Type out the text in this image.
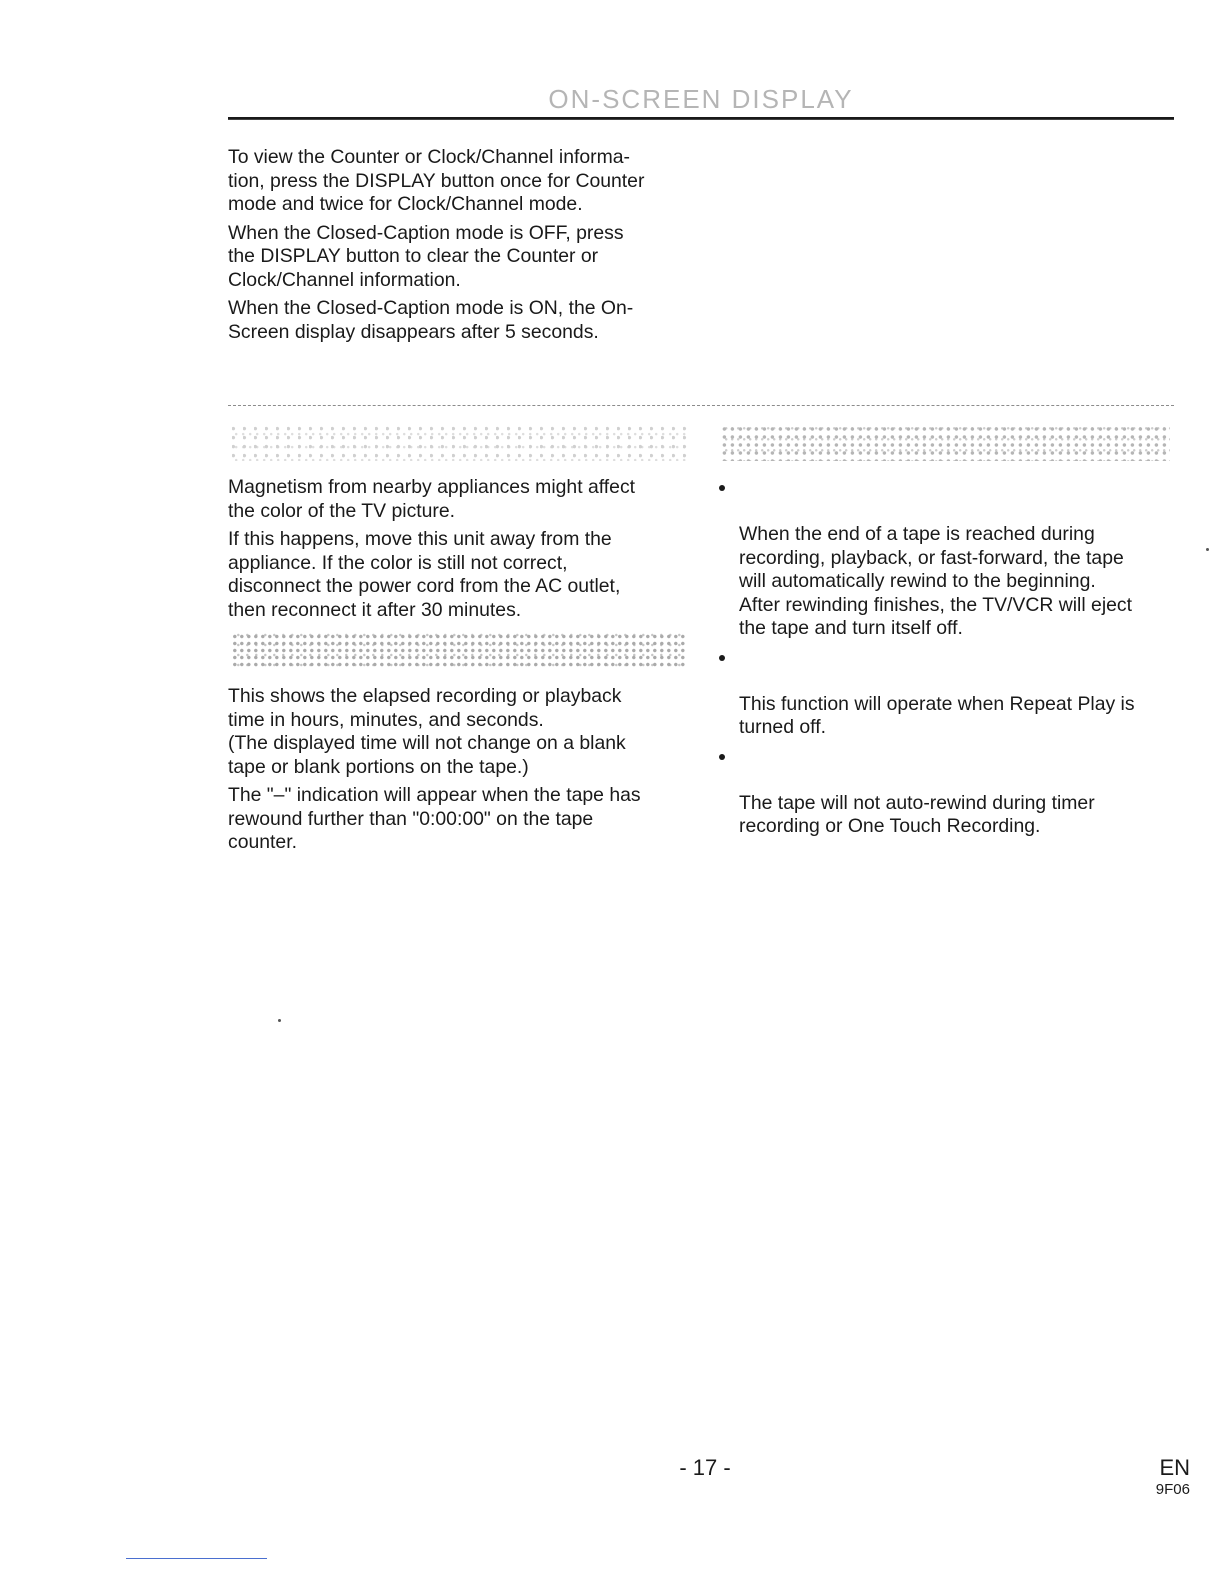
ON-SCREEN DISPLAY

To view the Counter or Clock/Channel informa-
tion, press the DISPLAY button once for Counter
mode and twice for Clock/Channel mode.

When the Closed-Caption mode is OFF, press
the DISPLAY button to clear the Counter or
Clock/Channel information.

When the Closed-Caption mode is ON, the On-
Screen display disappears after 5 seconds.

Magnetism from nearby appliances might affect
the color of the TV picture.

If this happens, move this unit away from the
appliance. If the color is still not correct,
disconnect the power cord from the AC outlet,
then reconnect it after 30 minutes.

This shows the elapsed recording or playback
time in hours, minutes, and seconds.
(The displayed time will not change on a blank
tape or blank portions on the tape.)

The "–" indication will appear when the tape has
rewound further than "0:00:00" on the tape
counter.

When the end of a tape is reached during
recording, playback, or fast-forward, the tape
will automatically rewind to the beginning.
After rewinding finishes, the TV/VCR will eject
the tape and turn itself off.

This function will operate when Repeat Play is
turned off.

The tape will not auto-rewind during timer
recording or One Touch Recording.

- 17 -	EN
9F06
